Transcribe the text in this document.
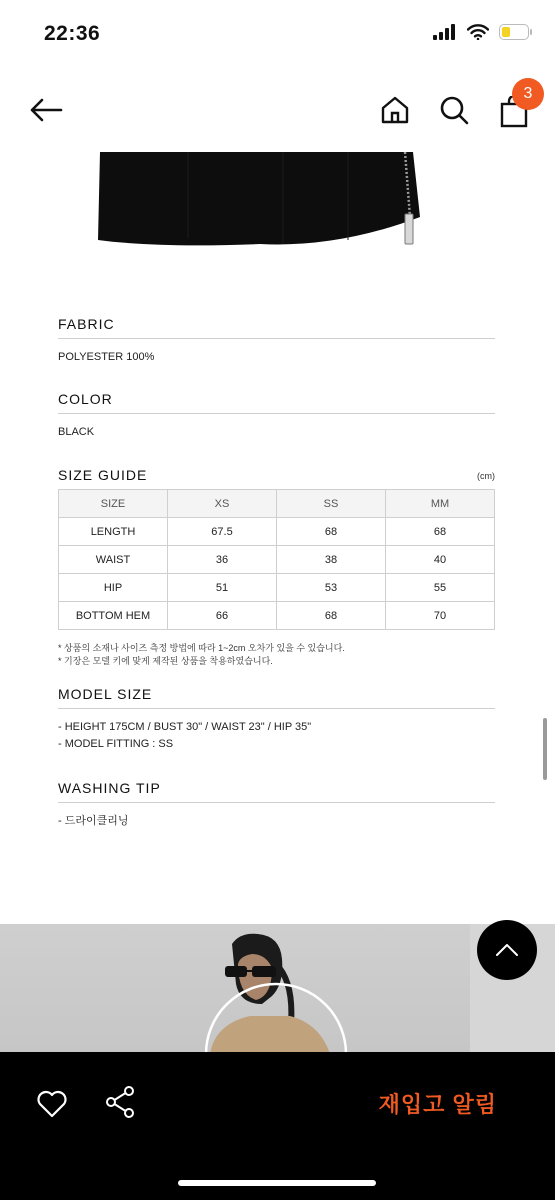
22:36
3
FABRIC
POLYESTER 100%
COLOR
BLACK
SIZE GUIDE	(cm)
SIZE	XS	SS	MM
LENGTH	67.5	68	68
WAIST	36	38	40
HIP	51	53	55
BOTTOM HEM	66	68	70
* 상품의 소재나 사이즈 측정 방법에 따라 1~2cm 오차가 있을 수 있습니다.
* 기장은 모델 키에 맞게 제작된 상품을 착용하였습니다.
MODEL SIZE
- HEIGHT 175CM / BUST 30" / WAIST 23" / HIP 35"
- MODEL FITTING : SS
WASHING TIP
- 드라이클리닝
재입고 알림
